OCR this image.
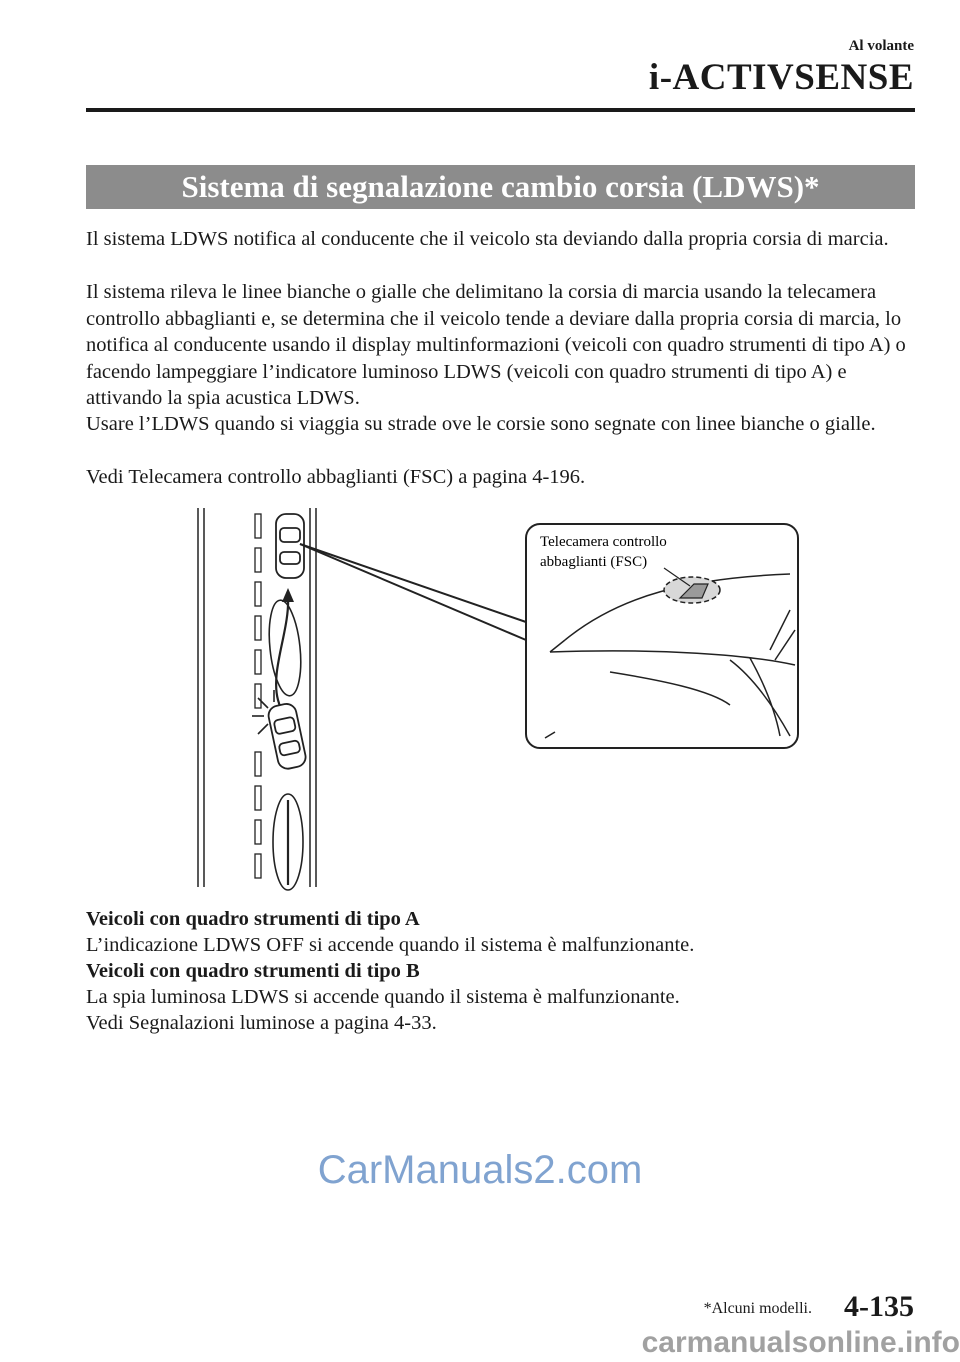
Al volante
i-ACTIVSENSE
Sistema di segnalazione cambio corsia (LDWS)*

Il sistema LDWS notifica al conducente che il veicolo sta deviando dalla propria corsia di marcia.

Il sistema rileva le linee bianche o gialle che delimitano la corsia di marcia usando la telecamera controllo abbaglianti e, se determina che il veicolo tende a deviare dalla propria corsia di marcia, lo notifica al conducente usando il display multinformazioni (veicoli con quadro strumenti di tipo A) o facendo lampeggiare l’indicatore luminoso LDWS (veicoli con quadro strumenti di tipo A) e attivando la spia acustica LDWS.

Usare l’LDWS quando si viaggia su strade ove le corsie sono segnate con linee bianche o gialle.

Vedi Telecamera controllo abbaglianti (FSC) a pagina 4-196.

Telecamera controllo
abbaglianti (FSC)
Veicoli con quadro strumenti di tipo A
L’indicazione LDWS OFF si accende quando il sistema è malfunzionante.
Veicoli con quadro strumenti di tipo B
La spia luminosa LDWS si accende quando il sistema è malfunzionante.
Vedi Segnalazioni luminose a pagina 4-33.
CarManuals2.com
*Alcuni modelli. 4-135
carmanualsonline.info
